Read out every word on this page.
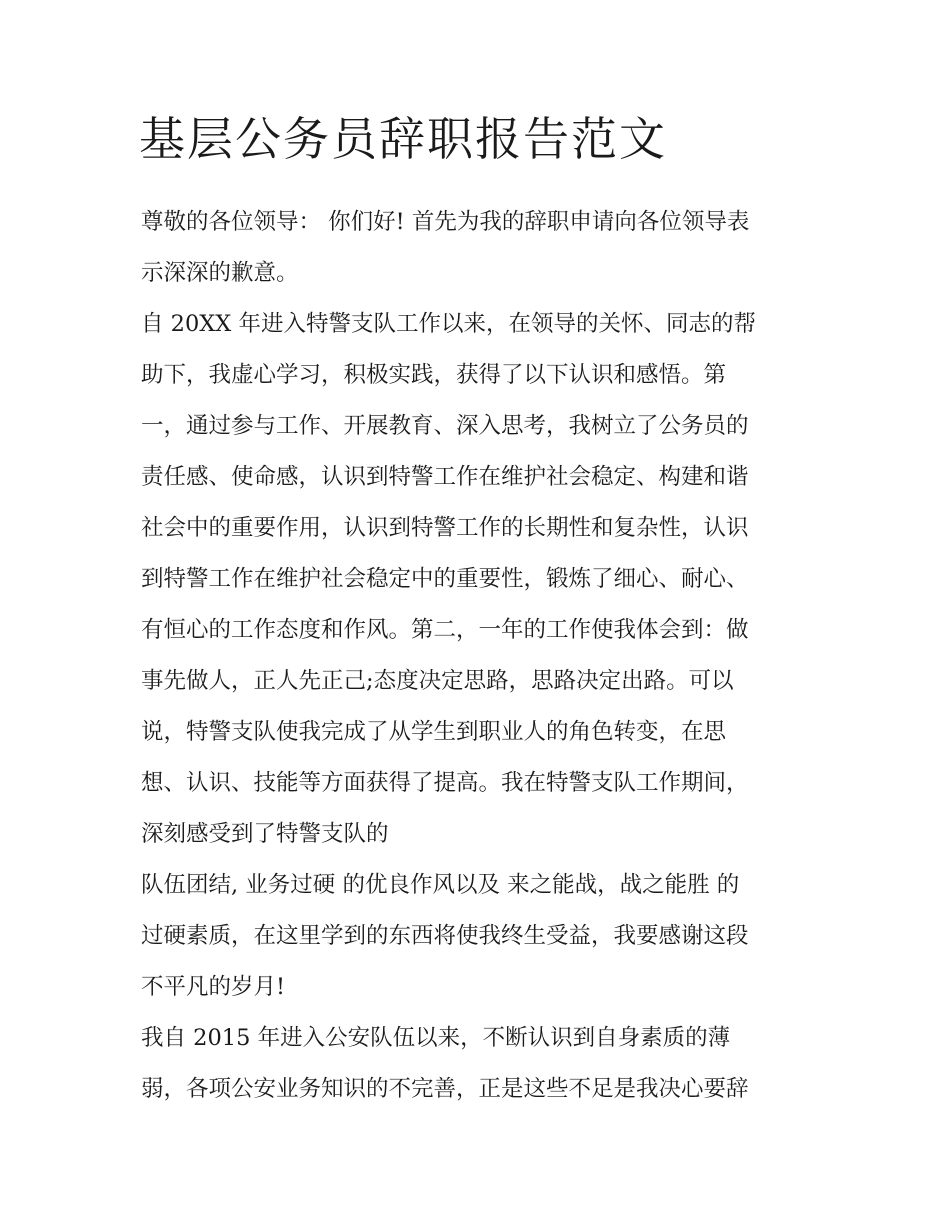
基层公务员辞职报告范文
尊敬的各位领导： 你们好! 首先为我的辞职申请向各位领导表
示深深的歉意。
自 20XX 年进入特警支队工作以来，在领导的关怀、同志的帮
助下，我虚心学习，积极实践，获得了以下认识和感悟。第
一，通过参与工作、开展教育、深入思考，我树立了公务员的
责任感、使命感，认识到特警工作在维护社会稳定、构建和谐
社会中的重要作用，认识到特警工作的长期性和复杂性，认识
到特警工作在维护社会稳定中的重要性，锻炼了细心、耐心、
有恒心的工作态度和作风。第二，一年的工作使我体会到：做
事先做人，正人先正己;态度决定思路，思路决定出路。可以
说，特警支队使我完成了从学生到职业人的角色转变，在思
想、认识、技能等方面获得了提高。我在特警支队工作期间，
深刻感受到了特警支队的
队伍团结, 业务过硬 的优良作风以及 来之能战，战之能胜 的
过硬素质，在这里学到的东西将使我终生受益，我要感谢这段
不平凡的岁月!
我自 2015 年进入公安队伍以来，不断认识到自身素质的薄
弱，各项公安业务知识的不完善，正是这些不足是我决心要辞
